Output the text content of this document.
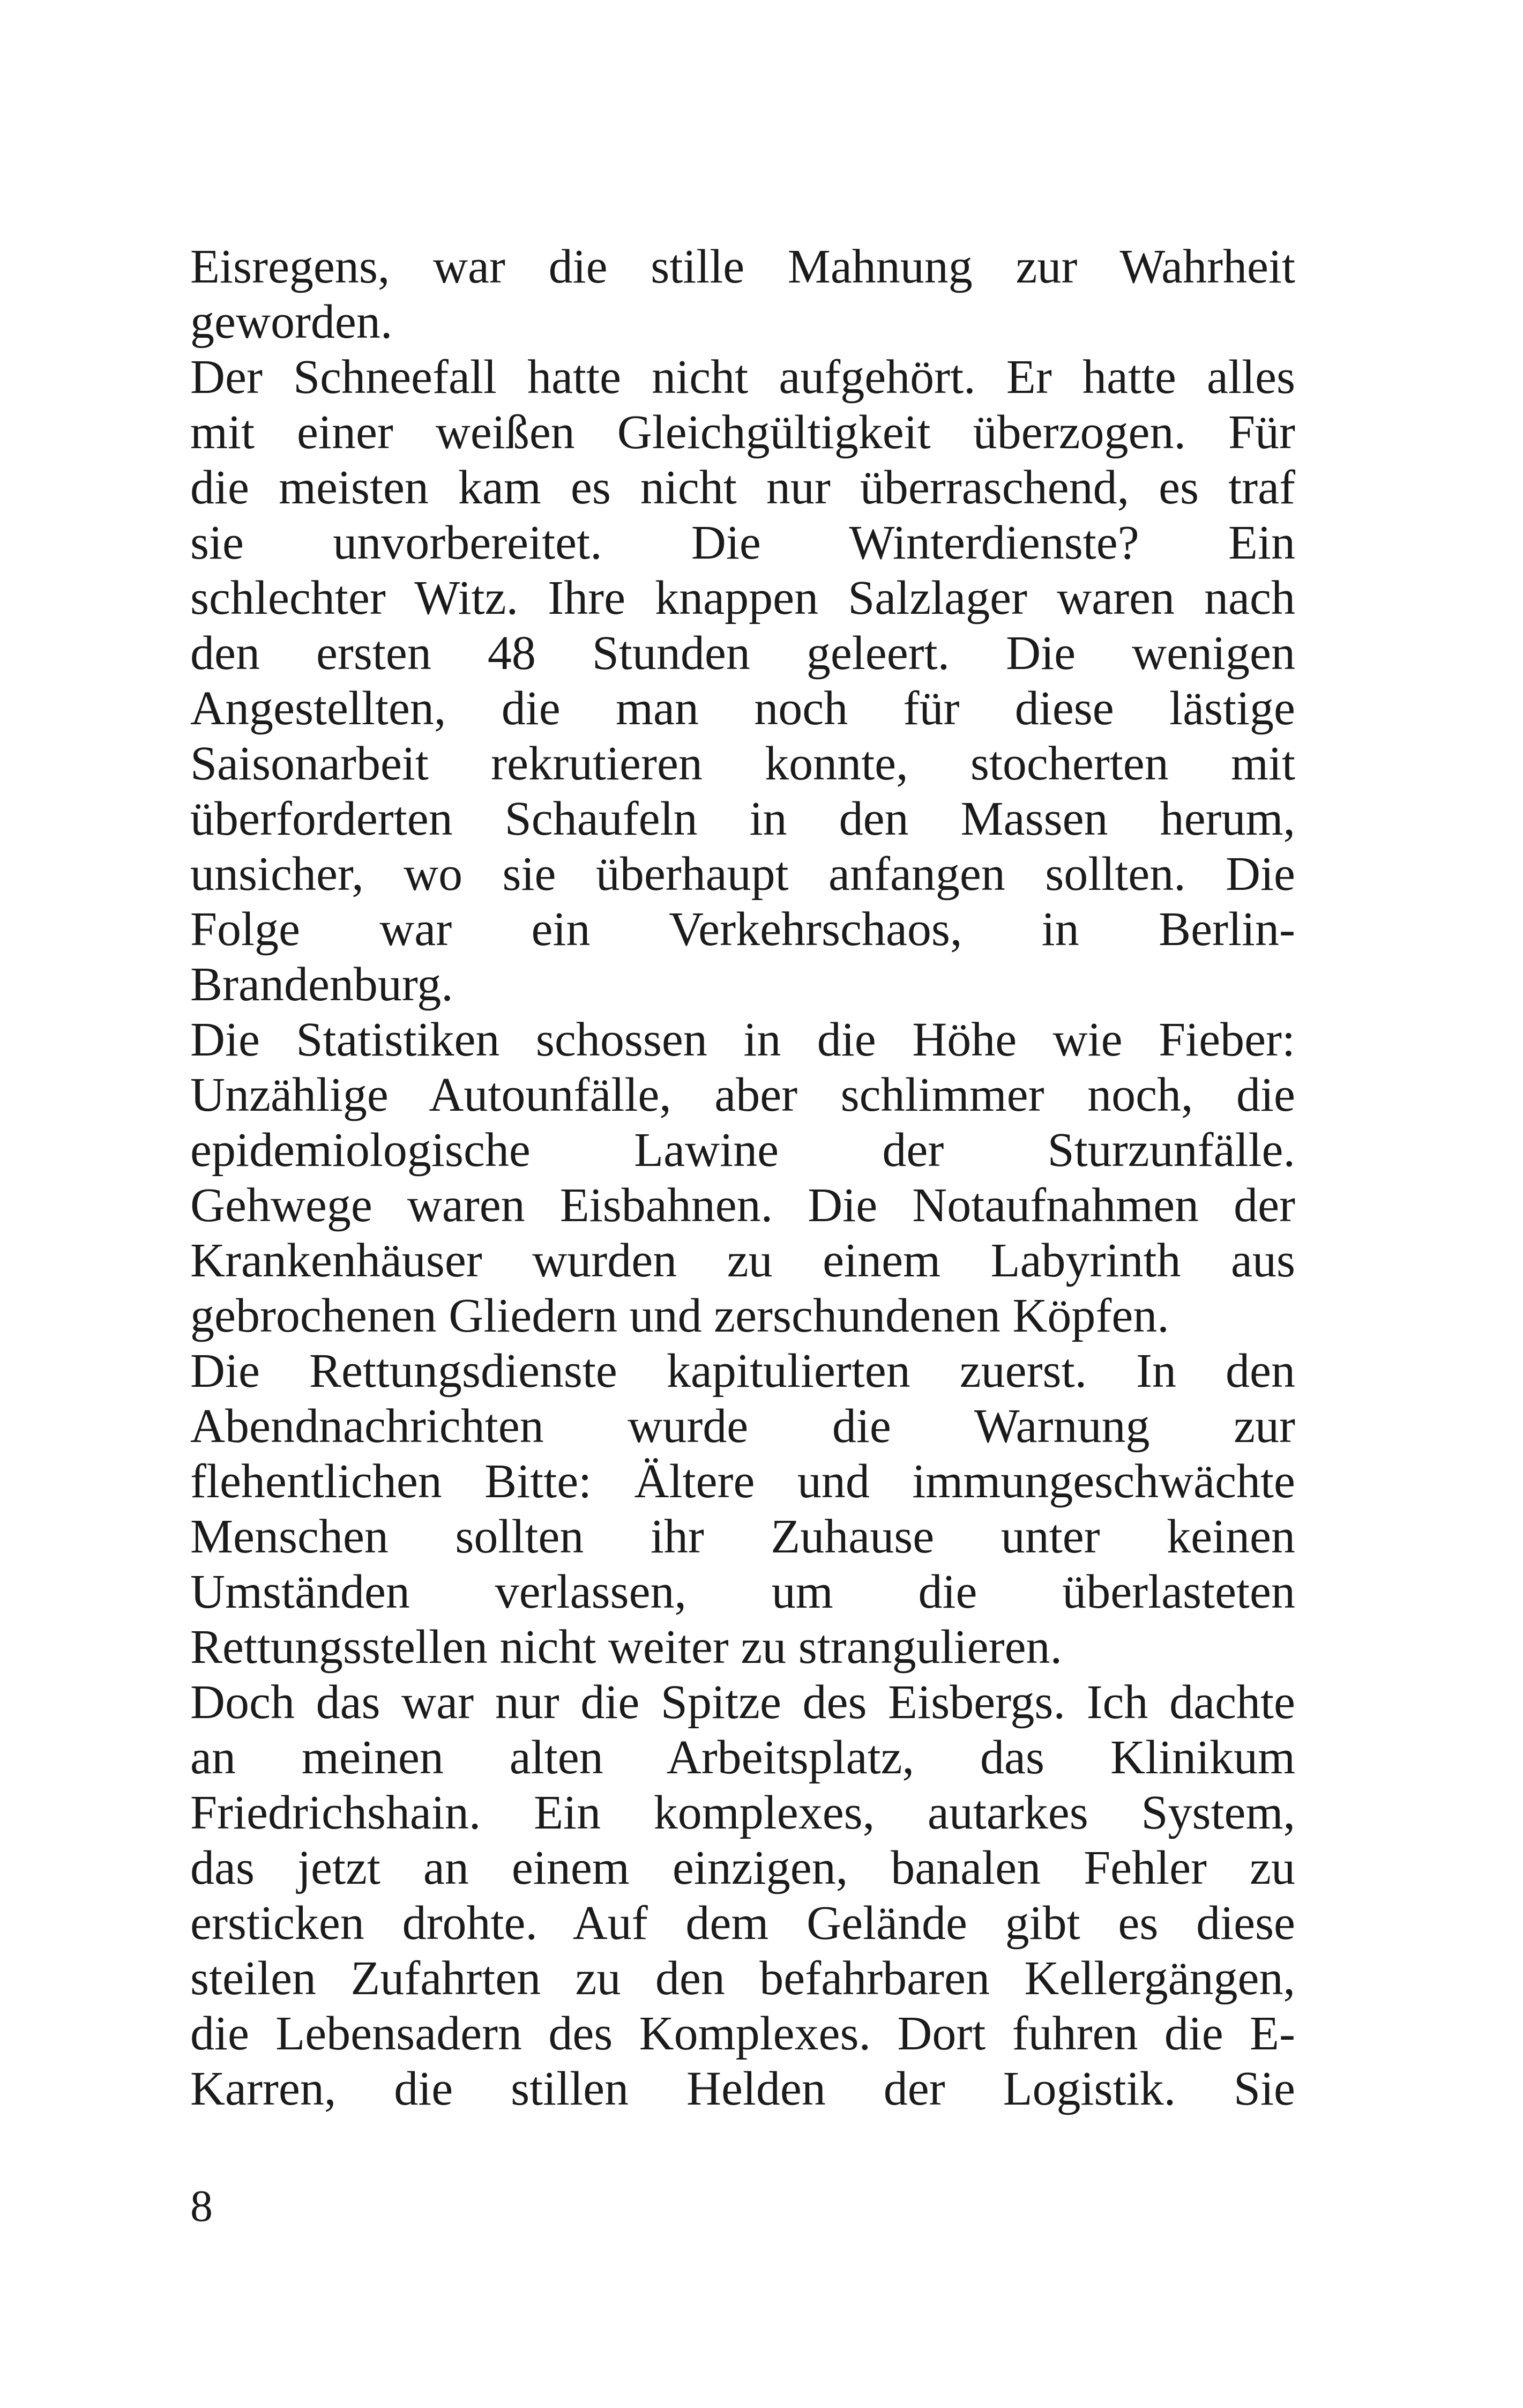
Eisregens, war die stille Mahnung zur Wahrheit
geworden.
Der Schneefall hatte nicht aufgehört. Er hatte alles
mit einer weißen Gleichgültigkeit überzogen. Für
die meisten kam es nicht nur überraschend, es traf
sie unvorbereitet. Die Winterdienste? Ein
schlechter Witz. Ihre knappen Salzlager waren nach
den ersten 48 Stunden geleert. Die wenigen
Angestellten, die man noch für diese lästige
Saisonarbeit rekrutieren konnte, stocherten mit
überforderten Schaufeln in den Massen herum,
unsicher, wo sie überhaupt anfangen sollten. Die
Folge war ein Verkehrschaos, in Berlin-
Brandenburg.
Die Statistiken schossen in die Höhe wie Fieber:
Unzählige Autounfälle, aber schlimmer noch, die
epidemiologische Lawine der Sturzunfälle.
Gehwege waren Eisbahnen. Die Notaufnahmen der
Krankenhäuser wurden zu einem Labyrinth aus
gebrochenen Gliedern und zerschundenen Köpfen.
Die Rettungsdienste kapitulierten zuerst. In den
Abendnachrichten wurde die Warnung zur
flehentlichen Bitte: Ältere und immungeschwächte
Menschen sollten ihr Zuhause unter keinen
Umständen verlassen, um die überlasteten
Rettungsstellen nicht weiter zu strangulieren.
Doch das war nur die Spitze des Eisbergs. Ich dachte
an meinen alten Arbeitsplatz, das Klinikum
Friedrichshain. Ein komplexes, autarkes System,
das jetzt an einem einzigen, banalen Fehler zu
ersticken drohte. Auf dem Gelände gibt es diese
steilen Zufahrten zu den befahrbaren Kellergängen,
die Lebensadern des Komplexes. Dort fuhren die E-
Karren, die stillen Helden der Logistik. Sie
8
